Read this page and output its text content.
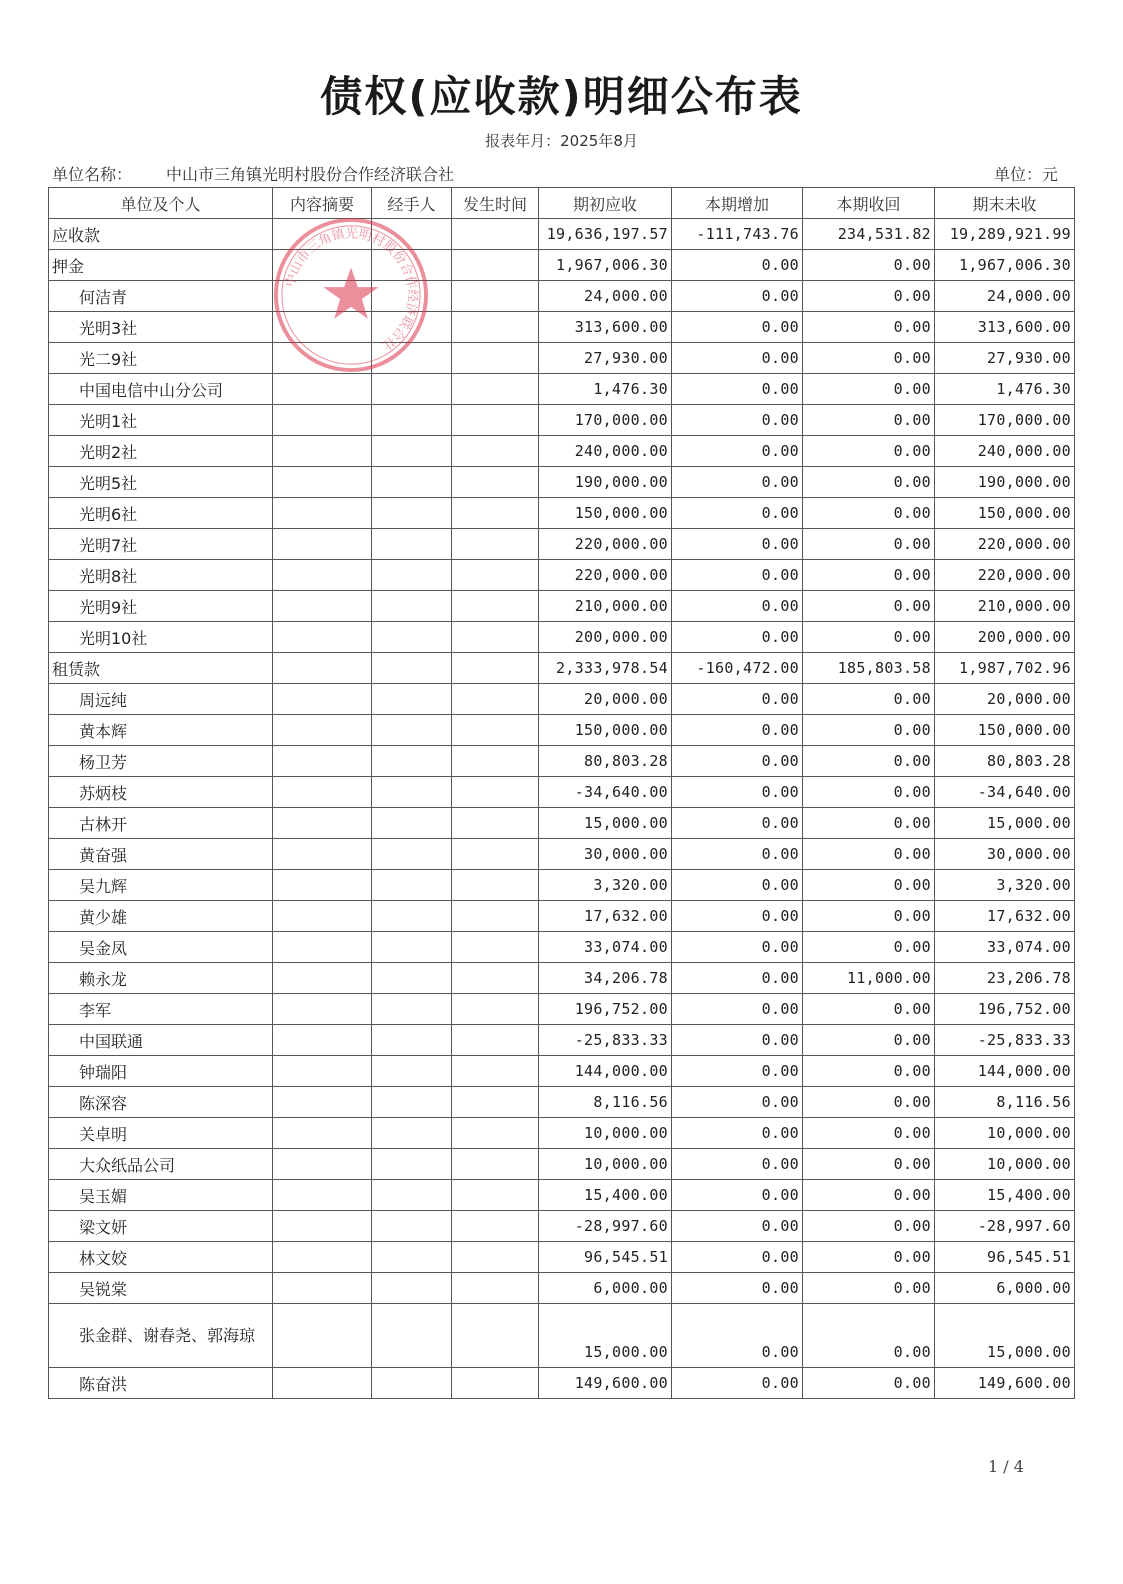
债权(应收款)明细公布表
报表年月：2025年8月
单位名称： 中山市三角镇光明村股份合作经济联合社	单位：元
单位及个人	内容摘要	经手人	发生时间	期初应收	本期增加	本期收回	期末未收
应收款				19,636,197.57	-111,743.76	234,531.82	19,289,921.99
押金				1,967,006.30	0.00	0.00	1,967,006.30
何洁青				24,000.00	0.00	0.00	24,000.00
光明3社				313,600.00	0.00	0.00	313,600.00
光二9社				27,930.00	0.00	0.00	27,930.00
中国电信中山分公司				1,476.30	0.00	0.00	1,476.30
光明1社				170,000.00	0.00	0.00	170,000.00
光明2社				240,000.00	0.00	0.00	240,000.00
光明5社				190,000.00	0.00	0.00	190,000.00
光明6社				150,000.00	0.00	0.00	150,000.00
光明7社				220,000.00	0.00	0.00	220,000.00
光明8社				220,000.00	0.00	0.00	220,000.00
光明9社				210,000.00	0.00	0.00	210,000.00
光明10社				200,000.00	0.00	0.00	200,000.00
租赁款				2,333,978.54	-160,472.00	185,803.58	1,987,702.96
周远纯				20,000.00	0.00	0.00	20,000.00
黄本辉				150,000.00	0.00	0.00	150,000.00
杨卫芳				80,803.28	0.00	0.00	80,803.28
苏炳枝				-34,640.00	0.00	0.00	-34,640.00
古林开				15,000.00	0.00	0.00	15,000.00
黄奋强				30,000.00	0.00	0.00	30,000.00
吴九辉				3,320.00	0.00	0.00	3,320.00
黄少雄				17,632.00	0.00	0.00	17,632.00
吴金凤				33,074.00	0.00	0.00	33,074.00
赖永龙				34,206.78	0.00	11,000.00	23,206.78
李军				196,752.00	0.00	0.00	196,752.00
中国联通				-25,833.33	0.00	0.00	-25,833.33
钟瑞阳				144,000.00	0.00	0.00	144,000.00
陈深容				8,116.56	0.00	0.00	8,116.56
关卓明				10,000.00	0.00	0.00	10,000.00
大众纸品公司				10,000.00	0.00	0.00	10,000.00
吴玉媚				15,400.00	0.00	0.00	15,400.00
梁文妍				-28,997.60	0.00	0.00	-28,997.60
林文姣				96,545.51	0.00	0.00	96,545.51
吴锐棠				6,000.00	0.00	0.00	6,000.00
张金群、谢春尧、郭海琼				15,000.00	0.00	0.00	15,000.00
陈奋洪				149,600.00	0.00	0.00	149,600.00
中山市三角镇光明村股份合作经济联合社
1 / 4
